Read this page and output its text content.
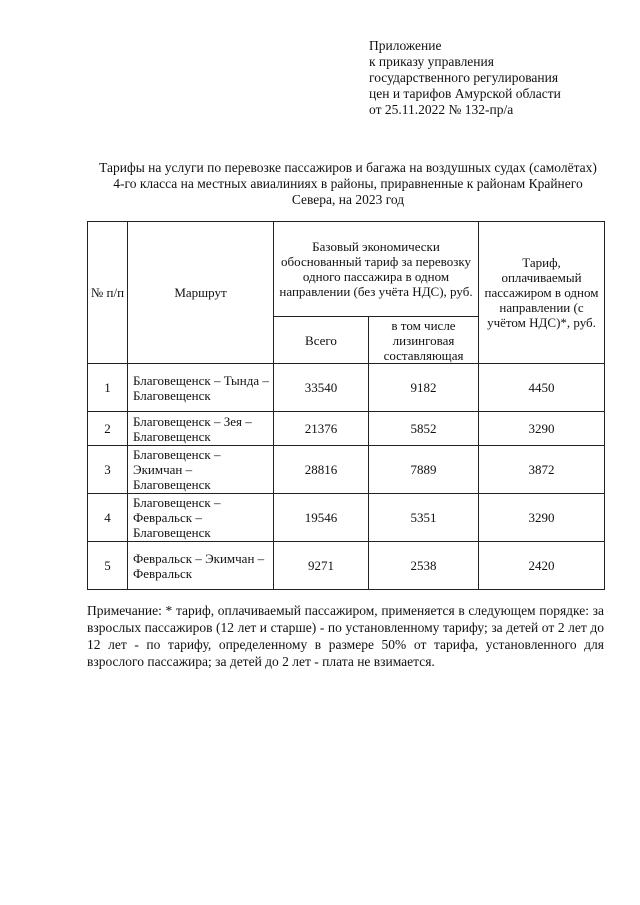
Приложение
к приказу управления
государственного регулирования
цен и тарифов Амурской области
от 25.11.2022 № 132-пр/а
Тарифы на услуги по перевозке пассажиров и багажа на воздушных судах (самолётах) 4-го класса на местных авиалиниях в районы, приравненные к районам Крайнего Севера, на 2023 год
№ п/п	Маршрут	Базовый экономически обоснованный тариф за перевозку одного пассажира в одном направлении (без учёта НДС), руб.		Тариф, оплачиваемый пассажиром в одном направлении (с учётом НДС)*, руб.
		Всего	в том числе лизинговая составляющая	
1	Благовещенск – Тында – Благовещенск	33540	9182	4450
2	Благовещенск – Зея – Благовещенск	21376	5852	3290
3	Благовещенск – Экимчан – Благовещенск	28816	7889	3872
4	Благовещенск – Февральск – Благовещенск	19546	5351	3290
5	Февральск – Экимчан – Февральск	9271	2538	2420
Примечание: * тариф, оплачиваемый пассажиром, применяется в следующем порядке: за взрослых пассажиров (12 лет и старше) - по установленному тарифу; за детей от 2 лет до 12 лет - по тарифу, определенному в размере 50% от тарифа, установленного для взрослого пассажира; за детей до 2 лет - плата не взимается.
